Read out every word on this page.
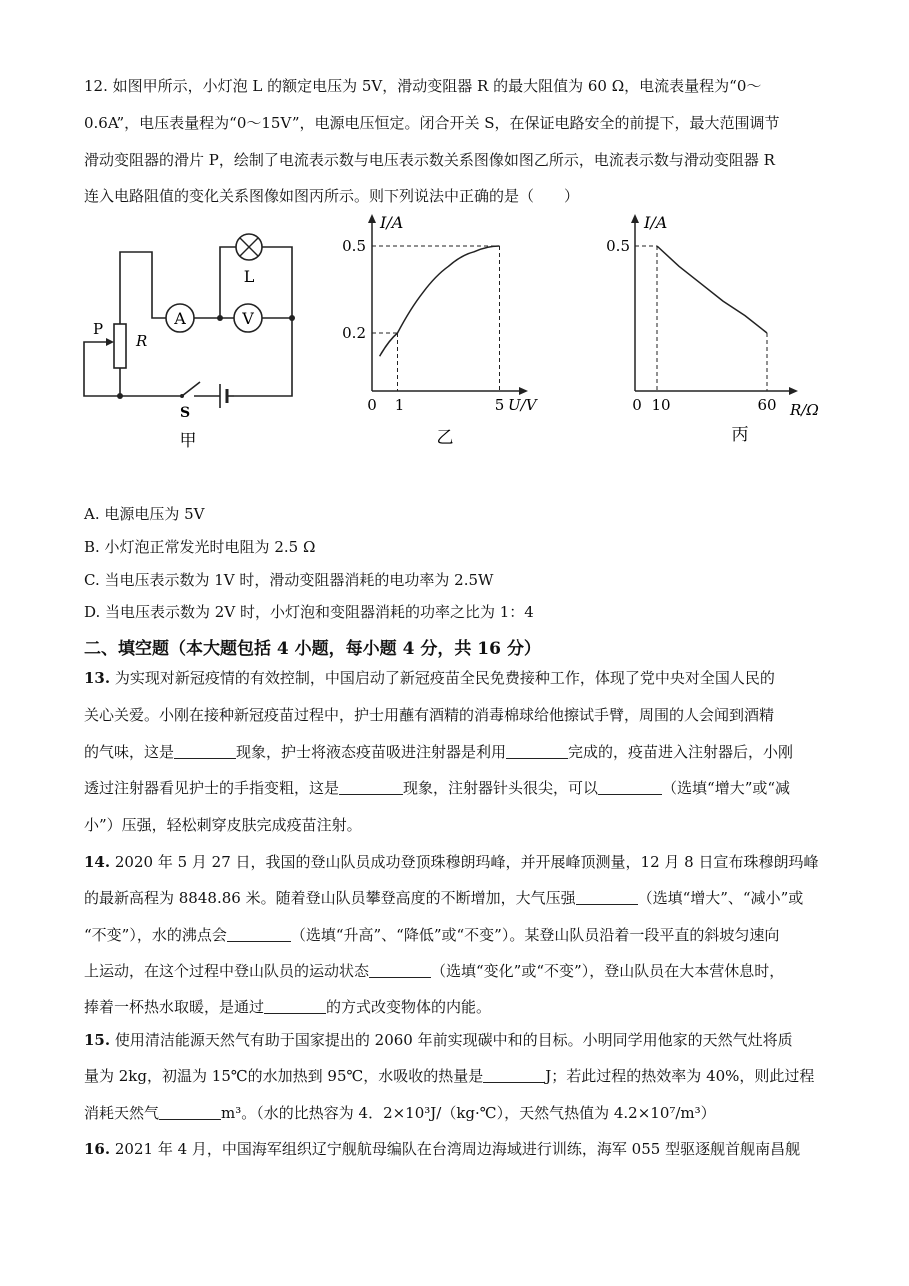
12. 如图甲所示，小灯泡 L 的额定电压为 5V，滑动变阻器 R 的最大阻值为 60 Ω，电流表量程为“0～
0.6A”，电压表量程为“0～15V”，电源电压恒定。闭合开关 S，在保证电路安全的前提下，最大范围调节
滑动变阻器的滑片 P，绘制了电流表示数与电压表示数关系图像如图乙所示，电流表示数与滑动变阻器 R
连入电路阻值的变化关系图像如图丙所示。则下列说法中正确的是（　　）
A	V
L
P
R
S
甲
I/A
U/V
0 1	5
0.2
0.5
乙
I/A
R/Ω
0 10	60
0.5
丙
A. 电源电压为 5V
B. 小灯泡正常发光时电阻为 2.5 Ω
C. 当电压表示数为 1V 时，滑动变阻器消耗的电功率为 2.5W
D. 当电压表示数为 2V 时，小灯泡和变阻器消耗的功率之比为 1：4
二、填空题（本大题包括 4 小题，每小题 4 分，共 16 分）
13. 为实现对新冠疫情的有效控制，中国启动了新冠疫苗全民免费接种工作，体现了党中央对全国人民的
关心关爱。小刚在接种新冠疫苗过程中，护士用蘸有酒精的消毒棉球给他擦试手臂，周围的人会闻到酒精
的气味，这是	现象，护士将液态疫苗吸进注射器是利用	完成的，疫苗进入注射器后，小刚
透过注射器看见护士的手指变粗，这是	现象，注射器针头很尖，可以	（选填“增大”或“减
小”）压强，轻松刺穿皮肤完成疫苗注射。
14. 2020 年 5 月 27 日，我国的登山队员成功登顶珠穆朗玛峰，并开展峰顶测量，12 月 8 日宣布珠穆朗玛峰
的最新高程为 8848.86 米。随着登山队员攀登高度的不断增加，大气压强	（选填“增大”、“减小”或
“不变”），水的沸点会	（选填“升高”、“降低”或“不变”）。某登山队员沿着一段平直的斜坡匀速向
上运动，在这个过程中登山队员的运动状态	（选填“变化”或“不变”），登山队员在大本营休息时，
捧着一杯热水取暖，是通过	的方式改变物体的内能。
15. 使用清洁能源天然气有助于国家提出的 2060 年前实现碳中和的目标。小明同学用他家的天然气灶将质
量为 2kg，初温为 15℃的水加热到 95℃，水吸收的热量是	J；若此过程的热效率为 40%，则此过程
消耗天然气	m³。（水的比热容为 4．2×10³J/（kg·℃），天然气热值为 4.2×10⁷/m³）
16. 2021 年 4 月，中国海军组织辽宁舰航母编队在台湾周边海域进行训练，海军 055 型驱逐舰首舰南昌舰
